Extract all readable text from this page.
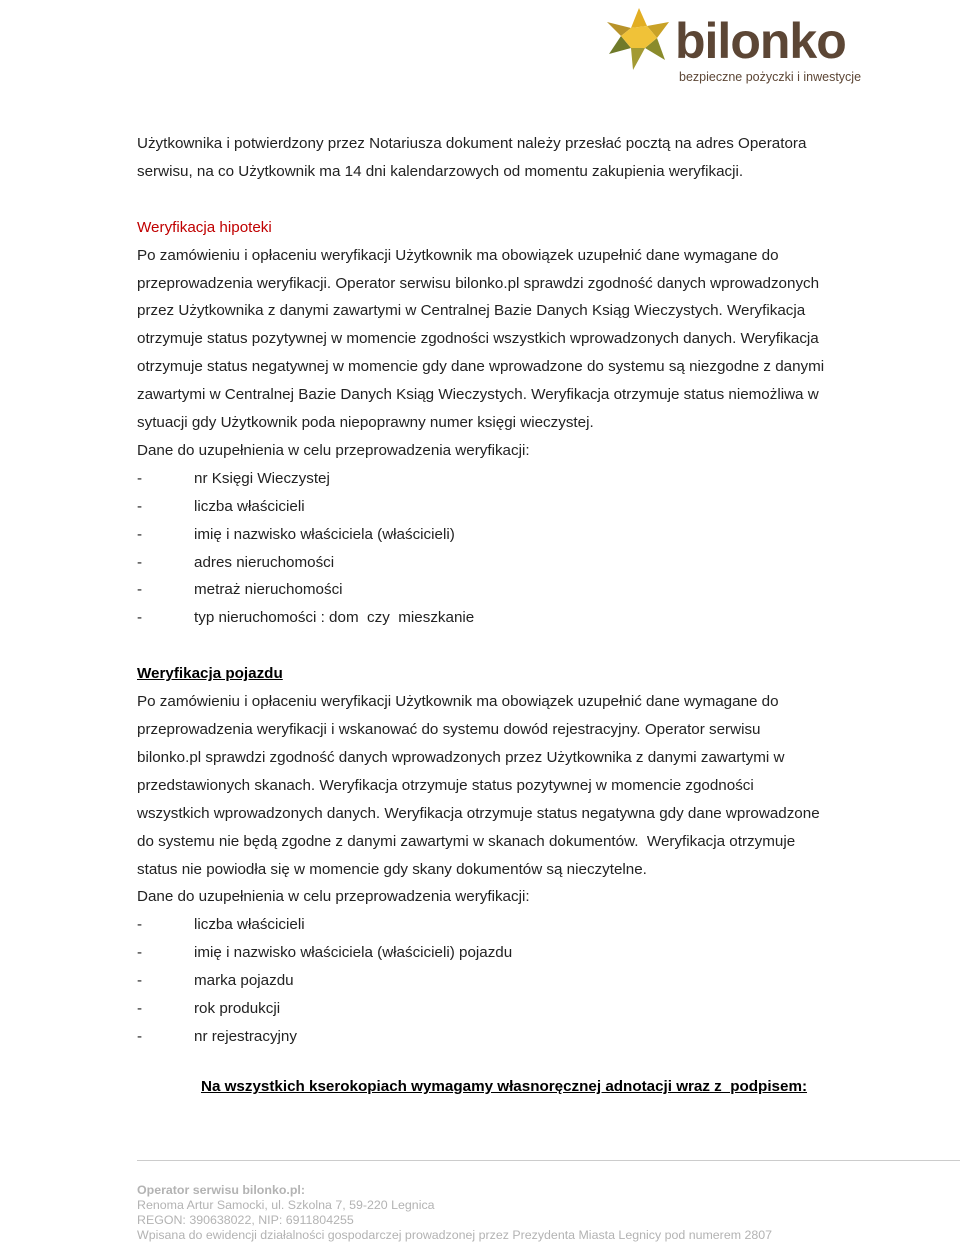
bilonko
bezpieczne pożyczki i inwestycje

Użytkownika i potwierdzony przez Notariusza dokument należy przesłać pocztą na adres Operatora

serwisu, na co Użytkownik ma 14 dni kalendarzowych od momentu zakupienia weryfikacji.

Weryfikacja hipoteki

Po zamówieniu i opłaceniu weryfikacji Użytkownik ma obowiązek uzupełnić dane wymagane do

przeprowadzenia weryfikacji. Operator serwisu bilonko.pl sprawdzi zgodność danych wprowadzonych

przez Użytkownika z danymi zawartymi w Centralnej Bazie Danych Ksiąg Wieczystych. Weryfikacja

otrzymuje status pozytywnej w momencie zgodności wszystkich wprowadzonych danych. Weryfikacja

otrzymuje status negatywnej w momencie gdy dane wprowadzone do systemu są niezgodne z danymi

zawartymi w Centralnej Bazie Danych Ksiąg Wieczystych. Weryfikacja otrzymuje status niemożliwa w

sytuacji gdy Użytkownik poda niepoprawny numer księgi wieczystej.

Dane do uzupełnienia w celu przeprowadzenia weryfikacji:

-	nr Księgi Wieczystej
-	liczba właścicieli
-	imię i nazwisko właściciela (właścicieli)
-	adres nieruchomości
-	metraż nieruchomości
-	typ nieruchomości : dom  czy  mieszkanie

Weryfikacja pojazdu

Po zamówieniu i opłaceniu weryfikacji Użytkownik ma obowiązek uzupełnić dane wymagane do

przeprowadzenia weryfikacji i wskanować do systemu dowód rejestracyjny. Operator serwisu

bilonko.pl sprawdzi zgodność danych wprowadzonych przez Użytkownika z danymi zawartymi w

przedstawionych skanach. Weryfikacja otrzymuje status pozytywnej w momencie zgodności

wszystkich wprowadzonych danych. Weryfikacja otrzymuje status negatywna gdy dane wprowadzone

do systemu nie będą zgodne z danymi zawartymi w skanach dokumentów.  Weryfikacja otrzymuje

status nie powiodła się w momencie gdy skany dokumentów są nieczytelne.

Dane do uzupełnienia w celu przeprowadzenia weryfikacji:

-	liczba właścicieli
-	imię i nazwisko właściciela (właścicieli) pojazdu
-	marka pojazdu
-	rok produkcji
-	nr rejestracyjny
Na wszystkich kserokopiach wymagamy własnoręcznej adnotacji wraz z  podpisem:
Operator serwisu bilonko.pl:
Renoma Artur Samocki, ul. Szkolna 7, 59-220 Legnica
REGON: 390638022, NIP: 6911804255
Wpisana do ewidencji działalności gospodarczej prowadzonej przez Prezydenta Miasta Legnicy pod numerem 2807
